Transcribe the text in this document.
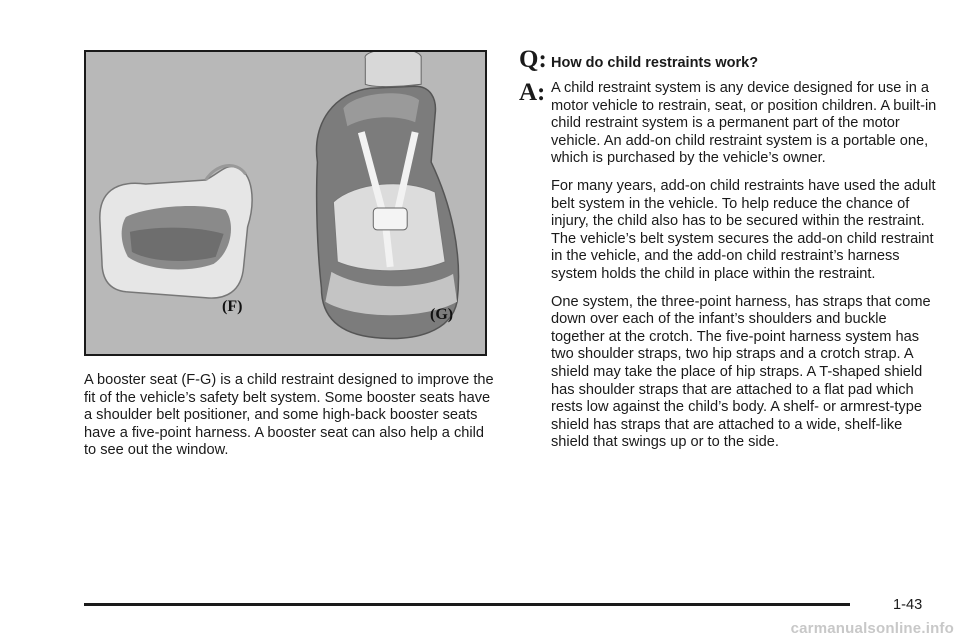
(F)	(G)

A booster seat (F-G) is a child restraint designed to improve the fit of the vehicle’s safety belt system. Some booster seats have a shoulder belt positioner, and some high-back booster seats have a five-point harness. A booster seat can also help a child to see out the window.

Q: How do child restraints work?
A: A child restraint system is any device designed for use in a motor vehicle to restrain, seat, or position children. A built-in child restraint system is a permanent part of the motor vehicle. An add-on child restraint system is a portable one, which is purchased by the vehicle’s owner.

For many years, add-on child restraints have used the adult belt system in the vehicle. To help reduce the chance of injury, the child also has to be secured within the restraint. The vehicle’s belt system secures the add-on child restraint in the vehicle, and the add-on child restraint’s harness system holds the child in place within the restraint.

One system, the three-point harness, has straps that come down over each of the infant’s shoulders and buckle together at the crotch. The five-point harness system has two shoulder straps, two hip straps and a crotch strap. A shield may take the place of hip straps. A T-shaped shield has shoulder straps that are attached to a flat pad which rests low against the child’s body. A shelf- or armrest-type shield has straps that are attached to a wide, shelf-like shield that swings up or to the side.

1-43
carmanualsonline.info
